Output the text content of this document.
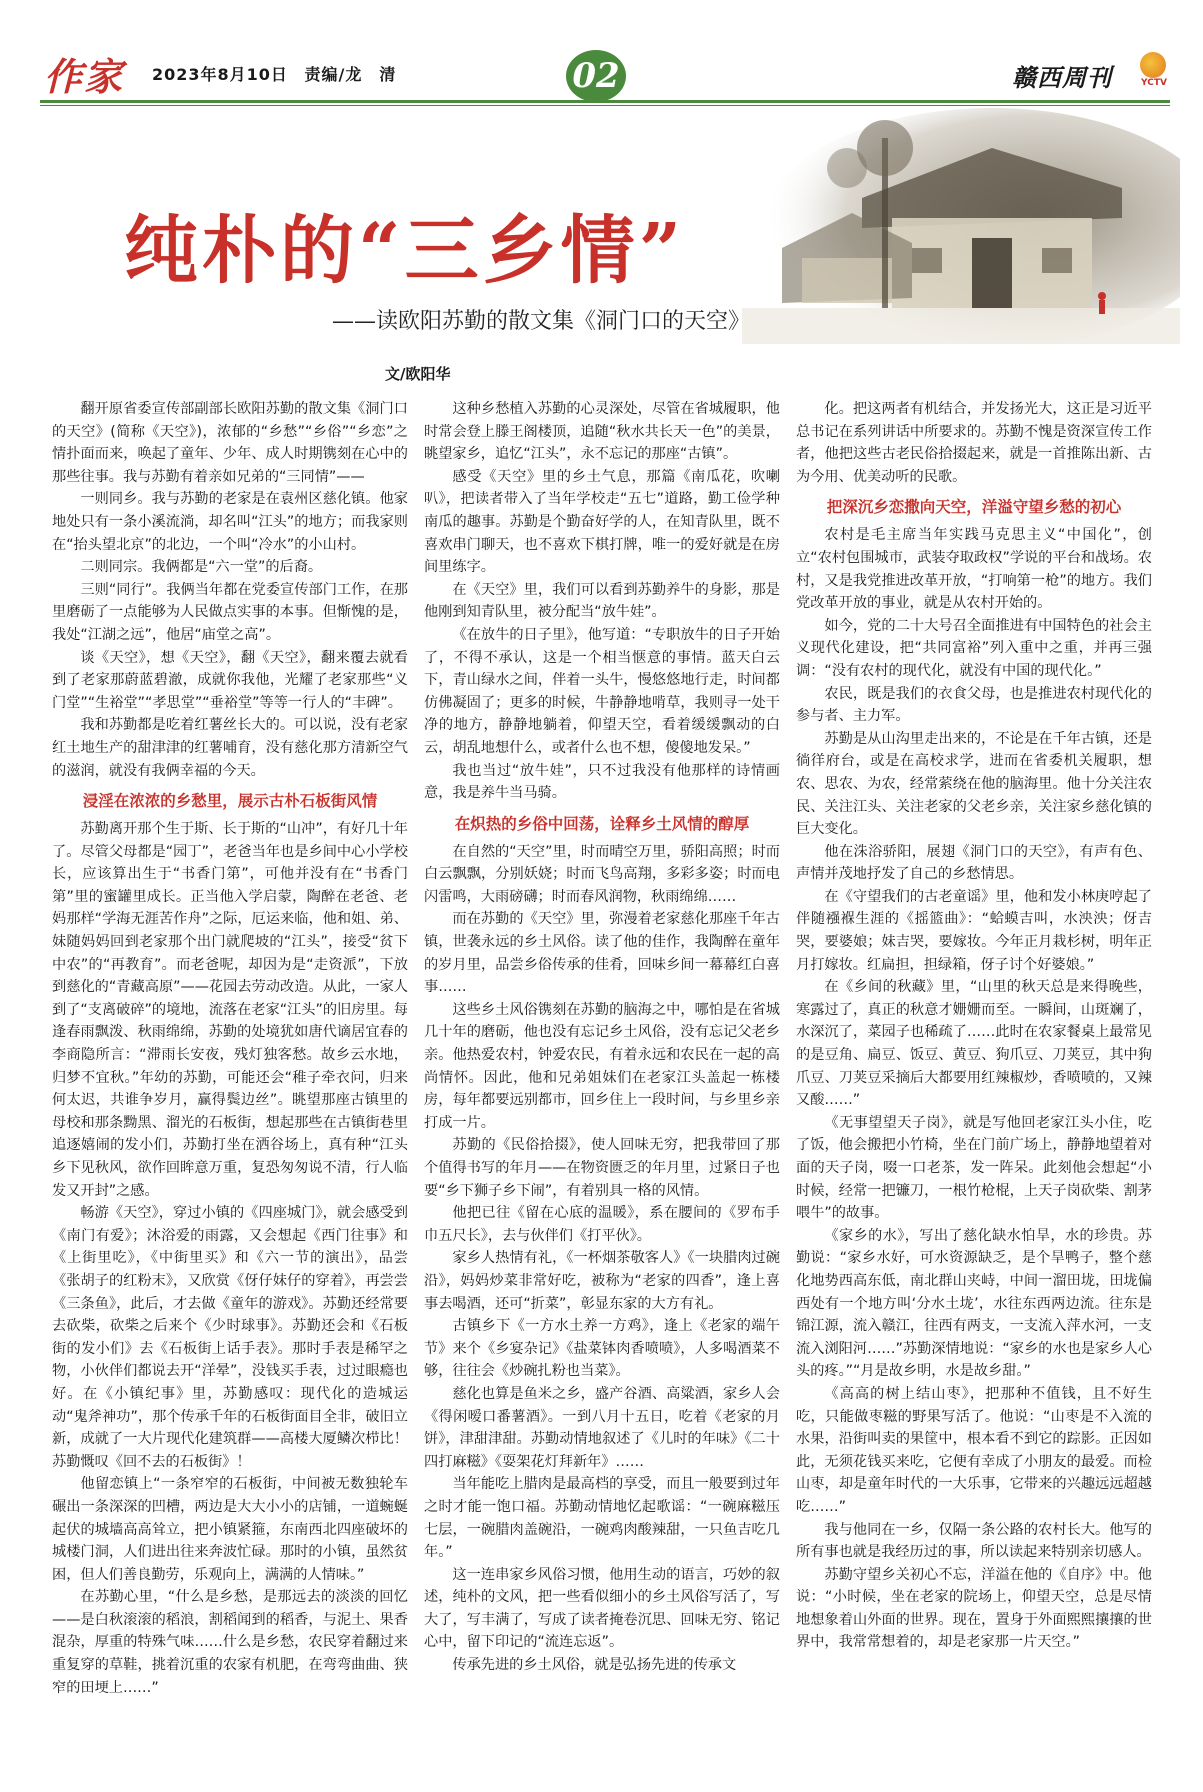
作家 2023年8月10日 责编/龙　清	02	赣西周刊	YCTV
纯朴的“三乡情”
——读欧阳苏勤的散文集《洞门口的天空》
文/欧阳华

翻开原省委宣传部副部长欧阳苏勤的散文集《洞门口的天空》(简称《天空》)，浓郁的“乡愁”“乡俗”“乡恋”之情扑面而来，唤起了童年、少年、成人时期镌刻在心中的那些往事。我与苏勤有着亲如兄弟的“三同情”——

一则同乡。我与苏勤的老家是在袁州区慈化镇。他家地处只有一条小溪流淌，却名叫“江头”的地方；而我家则在“抬头望北京”的北边，一个叫“冷水”的小山村。

二则同宗。我俩都是“六一堂”的后裔。

三则“同行”。我俩当年都在党委宣传部门工作，在那里磨砺了一点能够为人民做点实事的本事。但惭愧的是，我处“江湖之远”，他居“庙堂之高”。

谈《天空》，想《天空》，翻《天空》，翻来覆去就看到了老家那蔚蓝碧澈，成就你我他，光耀了老家那些“义门堂”“生裕堂”“孝思堂”“垂裕堂”等等一行人的“丰碑”。

我和苏勤都是吃着红薯丝长大的。可以说，没有老家红土地生产的甜津津的红薯哺育，没有慈化那方清新空气的滋润，就没有我俩幸福的今天。

浸淫在浓浓的乡愁里，展示古朴石板街风情

苏勤离开那个生于斯、长于斯的“山冲”，有好几十年了。尽管父母都是“园丁”，老爸当年也是乡间中心小学校长，应该算出生于“书香门第”，可他并没有在“书香门第”里的蜜罐里成长。正当他入学启蒙，陶醉在老爸、老妈那样“学海无涯苦作舟”之际，厄运来临，他和姐、弟、妹随妈妈回到老家那个出门就爬坡的“江头”，接受“贫下中农”的“再教育”。而老爸呢，却因为是“走资派”，下放到慈化的“青藏高原”——花园去劳动改造。从此，一家人到了“支离破碎”的境地，流落在老家“江头”的旧房里。每逢春雨飘泼、秋雨绵绵，苏勤的处境犹如唐代谪居宜春的李商隐所言：“滞雨长安夜，残灯独客愁。故乡云水地，归梦不宜秋。”年幼的苏勤，可能还会“稚子牵衣问，归来何太迟，共谁争岁月，赢得鬓边丝”。眺望那座古镇里的母校和那条黝黑、溜光的石板街，想起那些在古镇街巷里追逐嬉闹的发小们，苏勤打坐在洒谷场上，真有种“江头乡下见秋风，欲作回眸意万重，复恐匆匆说不清，行人临发又开封”之感。

畅游《天空》，穿过小镇的《四座城门》，就会感受到《南门有爱》；沐浴爱的雨露，又会想起《西门往事》和《上街里吃》，《中街里买》和《六一节的演出》，品尝《张胡子的红粉末》，又欣赏《伢仔妹仔的穿着》，再尝尝《三条鱼》，此后，才去做《童年的游戏》。苏勤还经常要去砍柴，砍柴之后来个《少时球事》。苏勤还会和《石板街的发小们》去《石板街上话手表》。那时手表是稀罕之物，小伙伴们都说去开“洋晕”，没钱买手表，过过眼瘾也好。在《小镇纪事》里，苏勤感叹：现代化的造城运动“鬼斧神功”，那个传承千年的石板街面目全非，破旧立新，成就了一大片现代化建筑群——高楼大厦鳞次栉比！苏勤慨叹《回不去的石板街》！

他留恋镇上“一条窄窄的石板街，中间被无数独轮车碾出一条深深的凹槽，两边是大大小小的店铺，一道蜿蜒起伏的城墙高高耸立，把小镇紧箍，东南西北四座破坏的城楼门洞，人们进出往来奔波忙碌。那时的小镇，虽然贫困，但人们善良勤劳，乐观向上，满满的人情味。”

在苏勤心里，“什么是乡愁，是那远去的淡淡的回忆——是白秋滚滚的稻浪，割稻闻到的稻香，与泥土、果香混杂，厚重的特殊气味……什么是乡愁，农民穿着翻过来重复穿的草鞋，挑着沉重的农家有机肥，在弯弯曲曲、狭窄的田埂上……”

这种乡愁植入苏勤的心灵深处，尽管在省城履职，他时常会登上滕王阁楼顶，追随“秋水共长天一色”的美景，眺望家乡，追忆“江头”，永不忘记的那座“古镇”。

感受《天空》里的乡土气息，那篇《南瓜花，吹喇叭》，把读者带入了当年学校走“五七”道路，勤工俭学种南瓜的趣事。苏勤是个勤奋好学的人，在知青队里，既不喜欢串门聊天，也不喜欢下棋打牌，唯一的爱好就是在房间里练字。

在《天空》里，我们可以看到苏勤养牛的身影，那是他刚到知青队里，被分配当“放牛娃”。

《在放牛的日子里》，他写道：“专职放牛的日子开始了，不得不承认，这是一个相当惬意的事情。蓝天白云下，青山绿水之间，伴着一头牛，慢悠悠地行走，时间都仿佛凝固了；更多的时候，牛静静地啃草，我则寻一处干净的地方，静静地躺着，仰望天空，看着缓缓飘动的白云，胡乱地想什么，或者什么也不想，傻傻地发呆。”

我也当过“放牛娃”，只不过我没有他那样的诗情画意，我是养牛当马骑。

在炽热的乡俗中回荡，诠释乡土风情的醇厚

在自然的“天空”里，时而晴空万里，骄阳高照；时而白云飘飘，分别妖娆；时而飞鸟高翔，多彩多姿；时而电闪雷鸣，大雨磅礴；时而春风润物，秋雨绵绵……

而在苏勤的《天空》里，弥漫着老家慈化那座千年古镇，世袭永远的乡土风俗。读了他的佳作，我陶醉在童年的岁月里，品尝乡俗传承的佳肴，回味乡间一幕幕红白喜事……

这些乡土风俗镌刻在苏勤的脑海之中，哪怕是在省城几十年的磨砺，他也没有忘记乡土风俗，没有忘记父老乡亲。他热爱农村，钟爱农民，有着永远和农民在一起的高尚情怀。因此，他和兄弟姐妹们在老家江头盖起一栋楼房，每年都要远别都市，回乡住上一段时间，与乡里乡亲打成一片。

苏勤的《民俗拾掇》，使人回味无穷，把我带回了那个值得书写的年月——在物资匮乏的年月里，过紧日子也要“乡下狮子乡下闹”，有着别具一格的风情。

他把已往《留在心底的温暖》，系在腰间的《罗布手巾五尺长》，去与伙伴们《打平伙》。

家乡人热情有礼，《一杯烟茶敬客人》《一块腊肉过碗沿》，妈妈炒菜非常好吃，被称为“老家的四香”，逢上喜事去喝酒，还可“折菜”，彰显东家的大方有礼。

古镇乡下《一方水土养一方鸡》，逢上《老家的端午节》来个《乡宴杂记》《盐菜钵肉香喷喷》，人多喝酒菜不够，往往会《炒碗扎粉也当菜》。

慈化也算是鱼米之乡，盛产谷酒、高粱酒，家乡人会《得闲嗳口番薯酒》。一到八月十五日，吃着《老家的月饼》，津甜津甜。苏勤动情地叙述了《儿时的年味》《二十四打麻糍》《耍架花灯拜新年》……

当年能吃上腊肉是最高档的享受，而且一般要到过年之时才能一饱口福。苏勤动情地忆起歌谣：“一碗麻糍压七层，一碗腊肉盖碗沿，一碗鸡肉酸辣甜，一只鱼吉吃几年。”

这一连串家乡风俗习惯，他用生动的语言，巧妙的叙述，纯朴的文风，把一些看似细小的乡土风俗写活了，写大了，写丰满了，写成了读者掩卷沉思、回味无穷、铭记心中，留下印记的“流连忘返”。

传承先进的乡土风俗，就是弘扬先进的传承文

化。把这两者有机结合，并发扬光大，这正是习近平总书记在系列讲话中所要求的。苏勤不愧是资深宣传工作者，他把这些古老民俗拾掇起来，就是一首推陈出新、古为今用、优美动听的民歌。

把深沉乡恋撒向天空，洋溢守望乡愁的初心

农村是毛主席当年实践马克思主义“中国化”，创立“农村包围城市，武装夺取政权”学说的平台和战场。农村，又是我党推进改革开放，“打响第一枪”的地方。我们党改革开放的事业，就是从农村开始的。

如今，党的二十大号召全面推进有中国特色的社会主义现代化建设，把“共同富裕”列入重中之重，并再三强调：“没有农村的现代化，就没有中国的现代化。”

农民，既是我们的衣食父母，也是推进农村现代化的参与者、主力军。

苏勤是从山沟里走出来的，不论是在千年古镇，还是徜徉府台，或是在高校求学，进而在省委机关履职，想农、思农、为农，经常萦绕在他的脑海里。他十分关注农民、关注江头、关注老家的父老乡亲，关注家乡慈化镇的巨大变化。

他在洙浴骄阳，展翅《洞门口的天空》，有声有色、声情并茂地抒发了自己的乡愁情思。

在《守望我们的古老童谣》里，他和发小林庚哼起了伴随襁褓生涯的《摇篮曲》：“蛤蟆吉叫，水泱泱；伢吉哭，要婆娘；妹吉哭，要嫁妆。今年正月栽杉树，明年正月打嫁妆。红扁担，担绿箱，伢子讨个好婆娘。”

在《乡间的秋藏》里，“山里的秋天总是来得晚些，寒露过了，真正的秋意才姗姗而至。一瞬间，山斑斓了，水深沉了，菜园子也稀疏了……此时在农家餐桌上最常见的是豆角、扁豆、饭豆、黄豆、狗爪豆、刀荚豆，其中狗爪豆、刀荚豆采摘后大都要用红辣椒炒，香喷喷的，又辣又酸……”

《无事望望天子岗》，就是写他回老家江头小住，吃了饭，他会搬把小竹椅，坐在门前广场上，静静地望着对面的天子岗，啜一口老茶，发一阵呆。此刻他会想起“小时候，经常一把镰刀，一根竹枪棍，上天子岗砍柴、割茅喂牛”的故事。

《家乡的水》，写出了慈化缺水怕旱，水的珍贵。苏勤说：“家乡水好，可水资源缺乏，是个旱鸭子，整个慈化地势西高东低，南北群山夹峙，中间一溜田垅，田垅偏西处有一个地方叫‘分水土垅’，水往东西两边流。往东是锦江源，流入赣江，往西有两支，一支流入萍水河，一支流入浏阳河……”苏勤深情地说：“家乡的水也是家乡人心头的疼。”“月是故乡明，水是故乡甜。”

《高高的树上结山枣》，把那种不值钱，且不好生吃，只能做枣糍的野果写活了。他说：“山枣是不入流的水果，沿街叫卖的果筐中，根本看不到它的踪影。正因如此，无须花钱买来吃，它便有幸成了小朋友的最爱。而检山枣，却是童年时代的一大乐事，它带来的兴趣远远超越吃……”

我与他同在一乡，仅隔一条公路的农村长大。他写的所有事也就是我经历过的事，所以读起来特别亲切感人。

苏勤守望乡关初心不忘，洋溢在他的《自序》中。他说：“小时候，坐在老家的院场上，仰望天空，总是尽情地想象着山外面的世界。现在，置身于外面熙熙攘攘的世界中，我常常想着的，却是老家那一片天空。”
